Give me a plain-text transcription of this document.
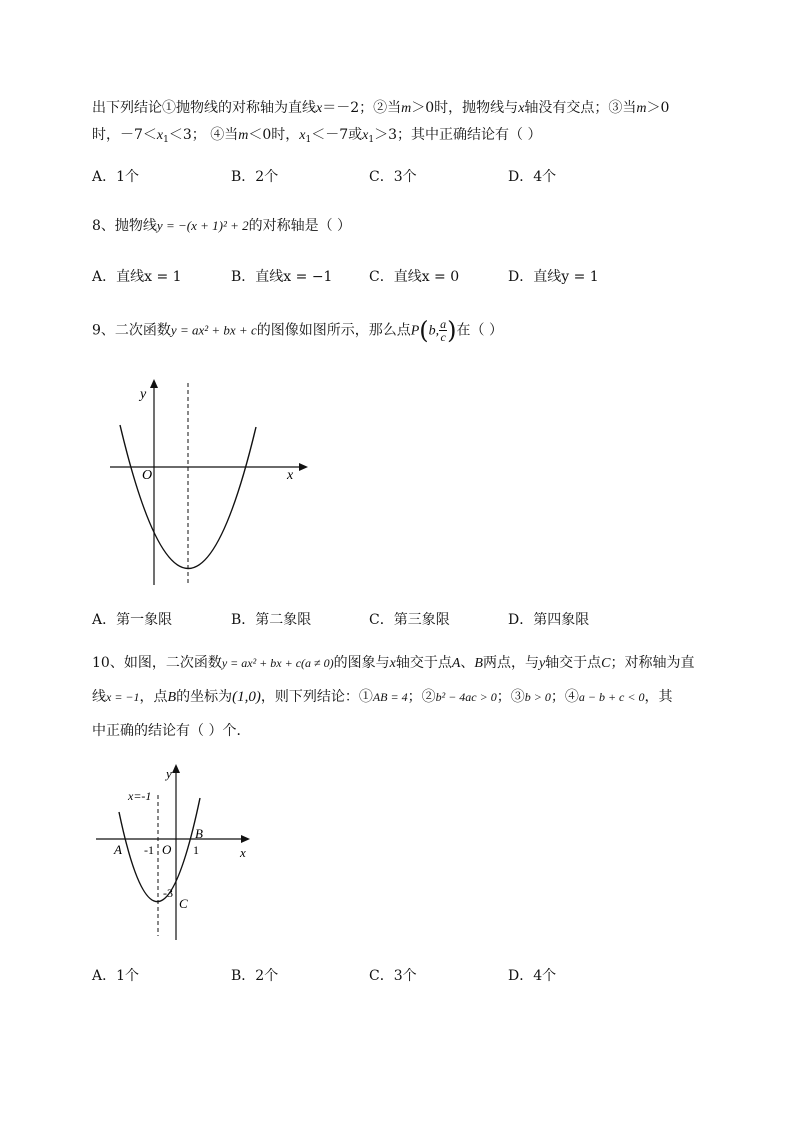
出下列结论①抛物线的对称轴为直线x＝－2；②当m＞0时，抛物线与x轴没有交点；③当m＞0
时，$-7<x_1<3$； ④当m＜0时，$x_1<-7$或$x_1>3$；其中正确结论有（ ）
A．1个	B．2个	C．3个	D．4个
8、抛物线y = −(x + 1)² + 2的对称轴是（ ）
A．直线x = 1	B．直线x = −1	C．直线x = 0	D．直线y = 1
9、二次函数y = ax² + bx + c的图像如图所示，那么点P(b, $\frac{a}{c}$ )在（ ）
y
x
O
A．第一象限	B．第二象限	C．第三象限	D．第四象限
10、如图，二次函数y = ax² + bx + c(a ≠ 0)的图象与x轴交于点A、B两点，与y轴交于点C；对称轴为直
线x = −1，点B的坐标为(1,0)，则下列结论：①AB = 4；②b² − 4ac > 0；③b > 0；④a − b + c < 0，其
中正确的结论有（ ）个．
y
x
x=-1
A
B
C
O
-1	1
-3
A．1个	B．2个	C．3个	D．4个
